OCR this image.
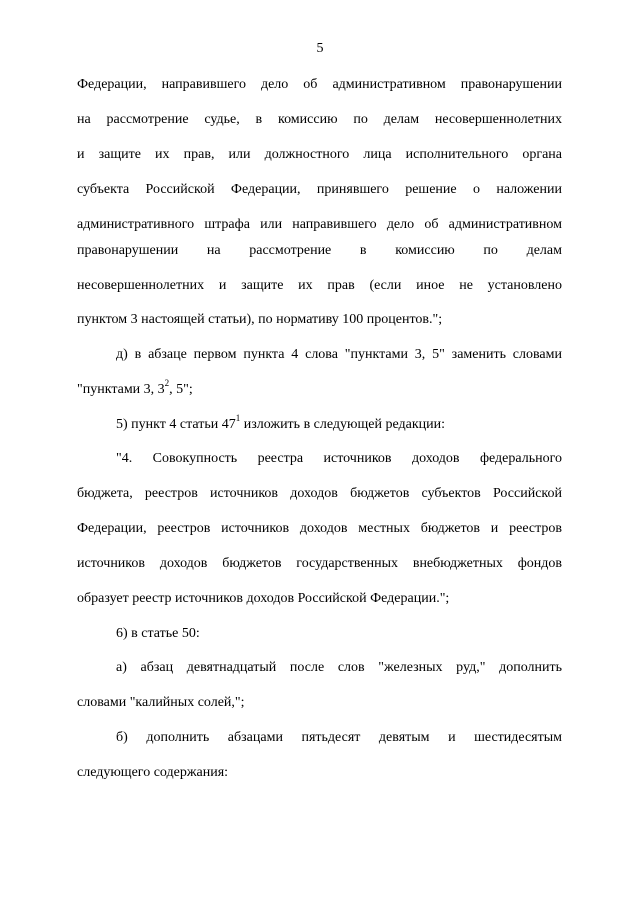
5
Федерации, направившего дело об административном правонарушении
на рассмотрение судье, в комиссию по делам несовершеннолетних
и защите их прав, или должностного лица исполнительного органа
субъекта Российской Федерации, принявшего решение о наложении
административного штрафа или направившего дело об административном
правонарушении на рассмотрение в комиссию по делам
несовершеннолетних и защите их прав (если иное не установлено
пунктом 3 настоящей статьи), по нормативу 100 процентов.";
д) в абзаце первом пункта 4 слова "пунктами 3, 5" заменить словами
"пунктами 3, $3^2$, 5";
5) пункт 4 статьи $47^1$ изложить в следующей редакции:
"4. Совокупность реестра источников доходов федерального
бюджета, реестров источников доходов бюджетов субъектов Российской
Федерации, реестров источников доходов местных бюджетов и реестров
источников доходов бюджетов государственных внебюджетных фондов
образует реестр источников доходов Российской Федерации.";
6) в статье 50:
а) абзац девятнадцатый после слов "железных руд," дополнить
словами "калийных солей,";
б) дополнить абзацами пятьдесят девятым и шестидесятым
следующего содержания:
